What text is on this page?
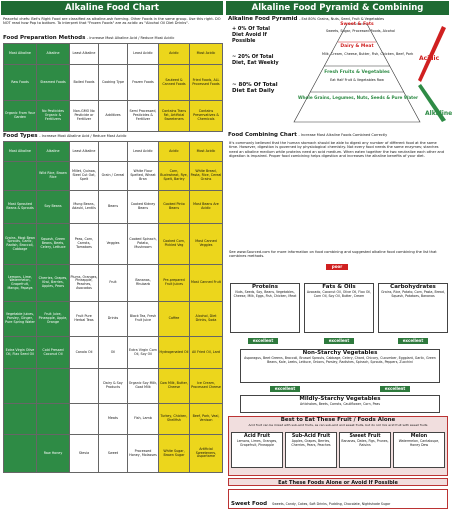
Alkaline Food Chart
Peaceful chefs: Bet's Right Food are classified as alkaline-ash forming. Other Foods in the same group. Use this right. DO NOT read how Pop to bottom. To interpret that "Frozen Foods" are as acidic as "Alcohol Oil Diet Drinks".
Food Preparation Methods - Increase Most Alkaline Acid / Reduce Most Acidic
Most Alkaline	Alkaline	Least Alkaline		Least Acidic	Acidic	Most Acidic
Raw Foods	Steamed Foods	Boiled Foods	Cooking Type	Frozen Foods	Sauteed & Canned Foods	Fried Foods, ALL Processed Foods
Organic From Your Garden	No Pesticides Organic & Fertilizers	Non-GMO No Pesticide or Fertilizer	Additives	Semi Processed, Pesticides & Fertilizer	Contains Trans Fat, Artificial Sweeteners	Contains Preservatives & Chemicals
Food Types - Increase Most Alkaline Acid / Reduce Most Acidic
Most Alkaline	Alkaline	Least Alkaline		Least Acidic	Acidic	Most Acidic
	Wild Rice, Brown Rice	Millet, Quinoa, Steel Cut Oat, Spelt	Grain / Cereal	White Flour Spelted, Wheat Bran	Corn, Buckwheat, Rye, Spelt, Barley	White Bread, Pasta, Rice, Cereal Grains
Most Sprouted Beans & Sprouts	Soy Beans	Mung Beans, Adzuki, Lentils	Beans	Cooked Kidney Beans	Cooked Pinto Beans	Most Beans Are Acidic
Grains, Most Bean Sprouts, Garlic, Radish, Broccoli, Cabbage	Squash, Green Beans, Beets, Celery, Lettuce	Peas, Corn, Carrots, Tomatoes	Veggies	Cooked Spinach, Potato, Mushroom	Cooked Corn, Pickled Veg	Most Canned Veggies
Lemons, Lime, Watermelon, Grapefruit, Mango, Papaya	Cherries, Grapes, Kiwi, Berries, Apples, Pears	Plums, Oranges, Pineapple, Peaches, Avocados	Fruit	Bananas, Rhubarb	Pre-prepared Fruit Juices	Most Canned Fruit
Vegetable Juices, Parsley, Ginger, Pure Spring Water	Fruit Juice, Pineapple, Apple, Orange	Fruit Pure Herbal Teas	Drinks	Black Tea, Fresh Fruit Juice	Coffee	Alcohol, Diet Drinks, Soda
Extra Virgin Olive Oil, Flax Seed Oil	Cold Pressed Coconut Oil	Canola Oil	Oil	Extra Virgin Corn Oil, Soy Oil	Hydrogenated Oil	All Fried Oil, Lard
			Dairy & Soy Products	Organic Soy Milk, Goat Milk	Cow Milk, Butter, Cheese	Ice Cream, Processed Cheese
			Meats	Fish, Lamb	Turkey, Chicken, Shellfish	Beef, Pork, Veal, Venison
	Raw Honey	Stevia	Sweet	Processed Honey, Molasses	White Sugar, Brown Sugar	Artificial Sweeteners, Aspartame
Alkaline Food Pyramid & Combining
Alkaline Food Pyramid - Eat 80% Grains, Nuts, Seed, Fruit & Vegetables
+ 0% Of Total Diet Avoid If Possible
~ 20% Of Total Diet, Eat Weekly
~ 80% Of Total Diet Eat Daily
Sweet & Fats
Sweets, Sugar, Processed Foods, Alcohol
Dairy & Meat
Milk, Cream, Cheese, Butter, Fish, Chicken, Beef, Pork
Fresh Fruits & Vegetables
Eat Half Fruit & Vegetables Raw
Whole Grains, Legumes, Nuts, Seeds & Pure Water
Acidic
Alkaline
Food Combining Chart - Increase Most Alkaline Foods Combined Correctly
It's commonly believed that the human stomach should be able to digest any number of different food at the same time. However, digestion is governed by physiological chemistry. Not every food needs the same enzymes; starches need an alkaline medium while proteins need an acid medium. When eaten together the two neutralize each other and digestion is impaired. Proper food combining helps digestion and increases the alkaline benefits of your diet.
See www.Sourced.com for more information on food combining and suggested alkaline food combining the list that combines methods.
poor
Proteins
Nuts, Seeds, Soy, Beans, Vegetables, Cheese, Milk, Eggs, Fish, Chicken, Meat
Fats & Oils
Avocado, Coconut Oil, Olive Oil, Flax Oil, Corn Oil, Soy Oil, Butter, Cream
Carbohydrates
Grains, Rice, Potato, Corn, Pasta, Bread, Squash, Potatoes, Bananas
excellent	excellent	excellent
Non-Starchy Vegetables
Asparagus, Beet Greens, Broccoli, Brussel Sprouts, Cabbage, Celery, Chard, Chicory, Cucumber, Eggplant, Garlic, Green Beans, Kale, Leeks, Lettuce, Onions, Parsley, Radishes, Spinach, Sprouts, Peppers, Zucchini
excellent	excellent
Mildly-Starchy Vegetables
Artichokes, Beets, Carrots, Cauliflower, Corn, Peas
Best to Eat These Fruit / Foods Alone
Acid fruit can be mixed with sub-acid fruits, as can sub-acid and sweet fruits, but do not mix acid fruit with sweet fruits
Acid Fruit
Lemons, Limes, Oranges, Grapefruit, Pineapple
Sub-Acid Fruit
Apples, Grapes, Berries, Cherries, Pears, Peaches
Sweet Fruit
Bananas, Dates, Figs, Prunes, Raisins
Melon
Watermelon, Cantaloupe, Honey Dew
Eat These Foods Alone or Avoid If Possible
Sweet Food Sweets, Candy, Cakes, Soft Drinks, Pudding, Chocolate, Nightshade Sugar
